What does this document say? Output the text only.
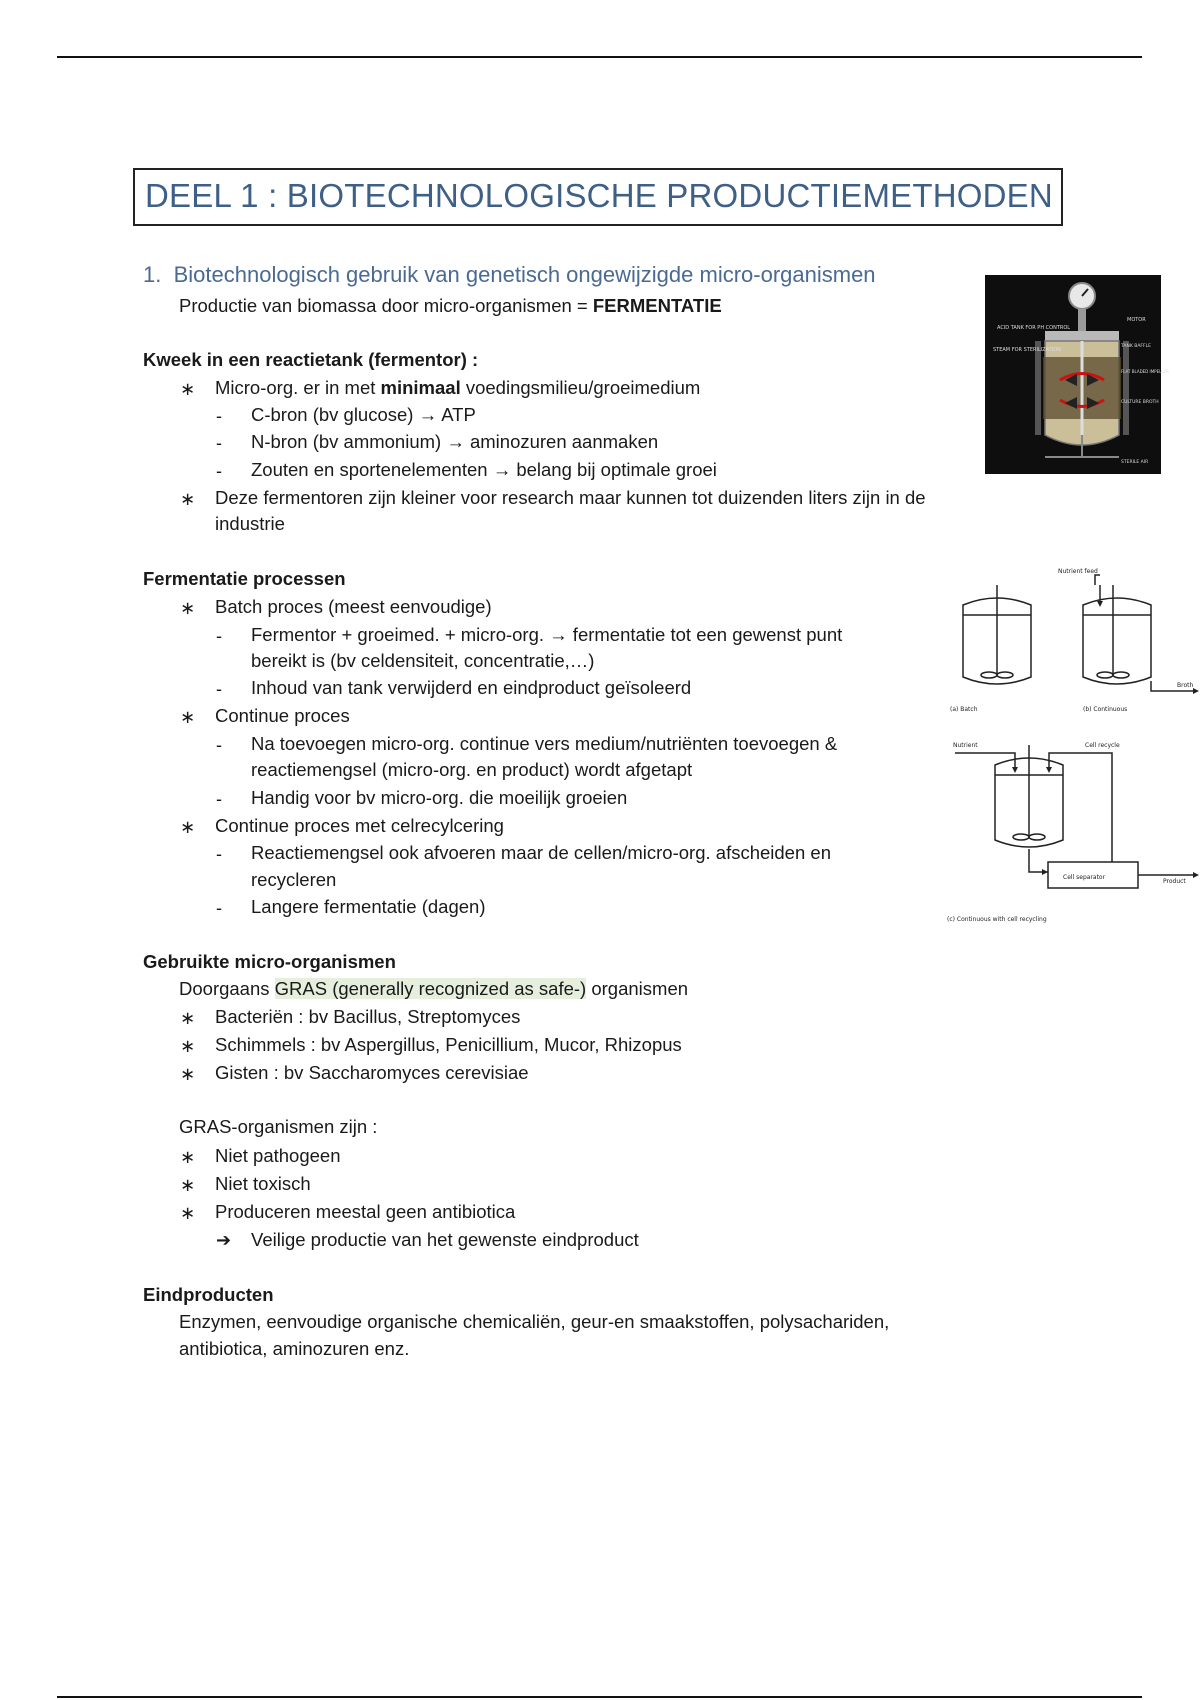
DEEL 1 : BIOTECHNOLOGISCHE PRODUCTIEMETHODEN
1. Biotechnologisch gebruik van genetisch ongewijzigde micro-organismen
Productie van biomassa door micro-organismen = FERMENTATIE
Kweek in een reactietank (fermentor) :
∗ Micro-org. er in met minimaal voedingsmilieu/groeimedium
- C-bron (bv glucose) → ATP
- N-bron (bv ammonium) → aminozuren aanmaken
- Zouten en sportenelementen → belang bij optimale groei
∗ Deze fermentoren zijn kleiner voor research maar kunnen tot duizenden liters zijn in de
industrie
ACID TANK FOR PH CONTROL
STEAM FOR STERILIZATION
MOTOR
TANK BAFFLE
FLAT BLADED IMPELLER
CULTURE BROTH
STERILE AIR
Fermentatie processen
∗ Batch proces (meest eenvoudige)
- Fermentor + groeimed. + micro-org. → fermentatie tot een gewenst punt
bereikt is (bv celdensiteit, concentratie,…)
- Inhoud van tank verwijderd en eindproduct geïsoleerd
∗ Continue proces
- Na toevoegen micro-org. continue vers medium/nutriënten toevoegen &
reactiemengsel (micro-org. en product) wordt afgetapt
- Handig voor bv micro-org. die moeilijk groeien
∗ Continue proces met celrecylcering
- Reactiemengsel ook afvoeren maar de cellen/micro-org. afscheiden en
recycleren
- Langere fermentatie (dagen)
Nutrient feed
Broth
(a) Batch	(b) Continuous
Nutrient	Cell recycle
Cell separator
Product
(c) Continuous with cell recycling
Gebruikte micro-organismen
Doorgaans GRAS (generally recognized as safe-) organismen
∗ Bacteriën : bv Bacillus, Streptomyces
∗ Schimmels : bv Aspergillus, Penicillium, Mucor, Rhizopus
∗ Gisten : bv Saccharomyces cerevisiae
GRAS-organismen zijn :
∗ Niet pathogeen
∗ Niet toxisch
∗ Produceren meestal geen antibiotica
➔ Veilige productie van het gewenste eindproduct
Eindproducten
Enzymen, eenvoudige organische chemicaliën, geur-en smaakstoffen, polysachariden,
antibiotica, aminozuren enz.
